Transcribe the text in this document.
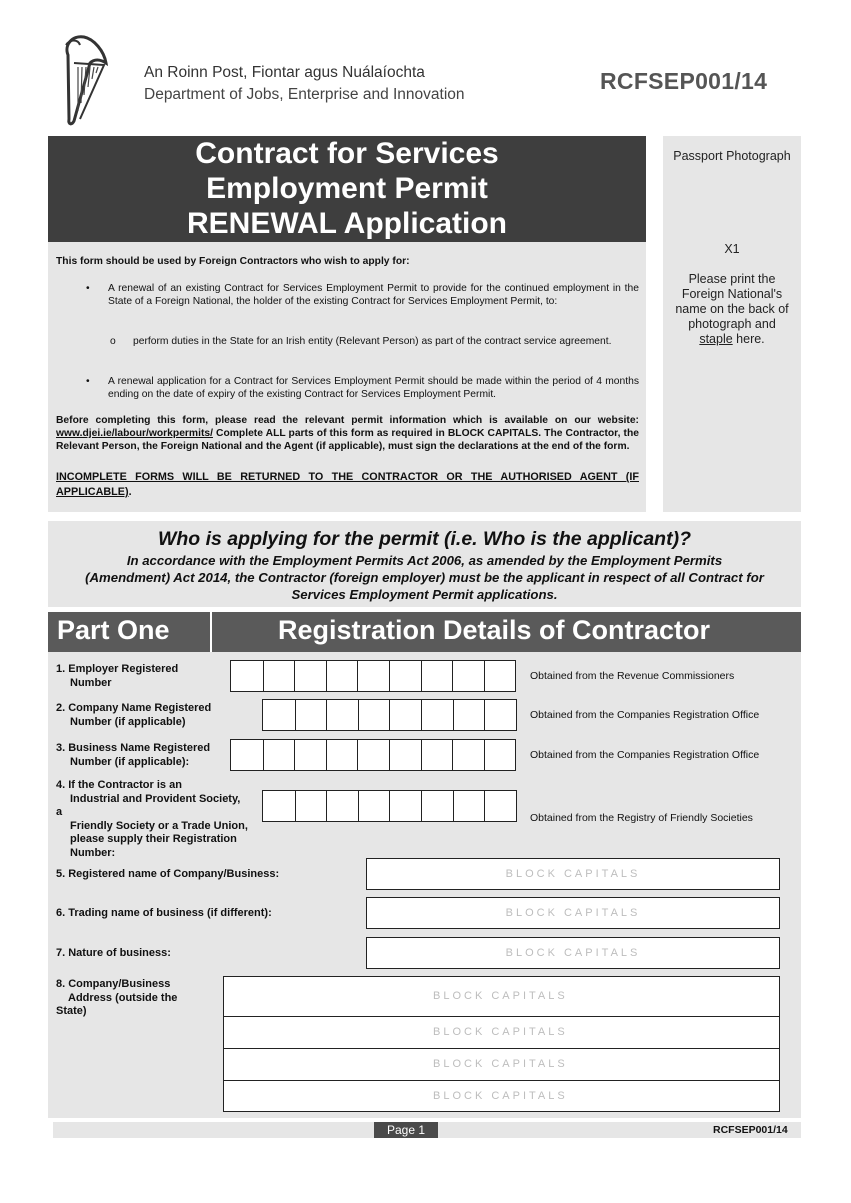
An Roinn Post, Fiontar agus Nuálaíochta
Department of Jobs, Enterprise and Innovation
RCFSEP001/14
Contract for Services
Employment Permit
RENEWAL Application
This form should be used by Foreign Contractors who wish to apply for:
• A renewal of an existing Contract for Services Employment Permit to provide for the continued employment in the State of a Foreign National, the holder of the existing Contract for Services Employment Permit, to:
o perform duties in the State for an Irish entity (Relevant Person) as part of the contract service agreement.
• A renewal application for a Contract for Services Employment Permit should be made within the period of 4 months ending on the date of expiry of the existing Contract for Services Employment Permit.
Before completing this form, please read the relevant permit information which is available on our website: www.djei.ie/labour/workpermits/ Complete ALL parts of this form as required in BLOCK CAPITALS. The Contractor, the Relevant Person, the Foreign National and the Agent (if applicable), must sign the declarations at the end of the form.
INCOMPLETE FORMS WILL BE RETURNED TO THE CONTRACTOR OR THE AUTHORISED AGENT (IF APPLICABLE).
Passport Photograph
X1
Please print the
Foreign National's
name on the back of
photograph and
staple here.
Who is applying for the permit (i.e. Who is the applicant)?
In accordance with the Employment Permits Act 2006, as amended by the Employment Permits
(Amendment) Act 2014, the Contractor (foreign employer) must be the applicant in respect of all Contract for
Services Employment Permit applications.
Part One	Registration Details of Contractor
1. Employer Registered
Number
Obtained from the Revenue Commissioners
2. Company Name Registered
Number (if applicable)
Obtained from the Companies Registration Office
3. Business Name Registered
Number (if applicable):
Obtained from the Companies Registration Office
4. If the Contractor is an
Industrial and Provident Society,
a
Friendly Society or a Trade Union,
please supply their Registration
Number:
Obtained from the Registry of Friendly Societies
5. Registered name of Company/Business:	BLOCK CAPITALS
6. Trading name of business (if different):	BLOCK CAPITALS
7. Nature of business:	BLOCK CAPITALS
8. Company/Business
Address (outside the
State)
BLOCK CAPITALS
BLOCK CAPITALS
BLOCK CAPITALS
BLOCK CAPITALS
Page 1	RCFSEP001/14
